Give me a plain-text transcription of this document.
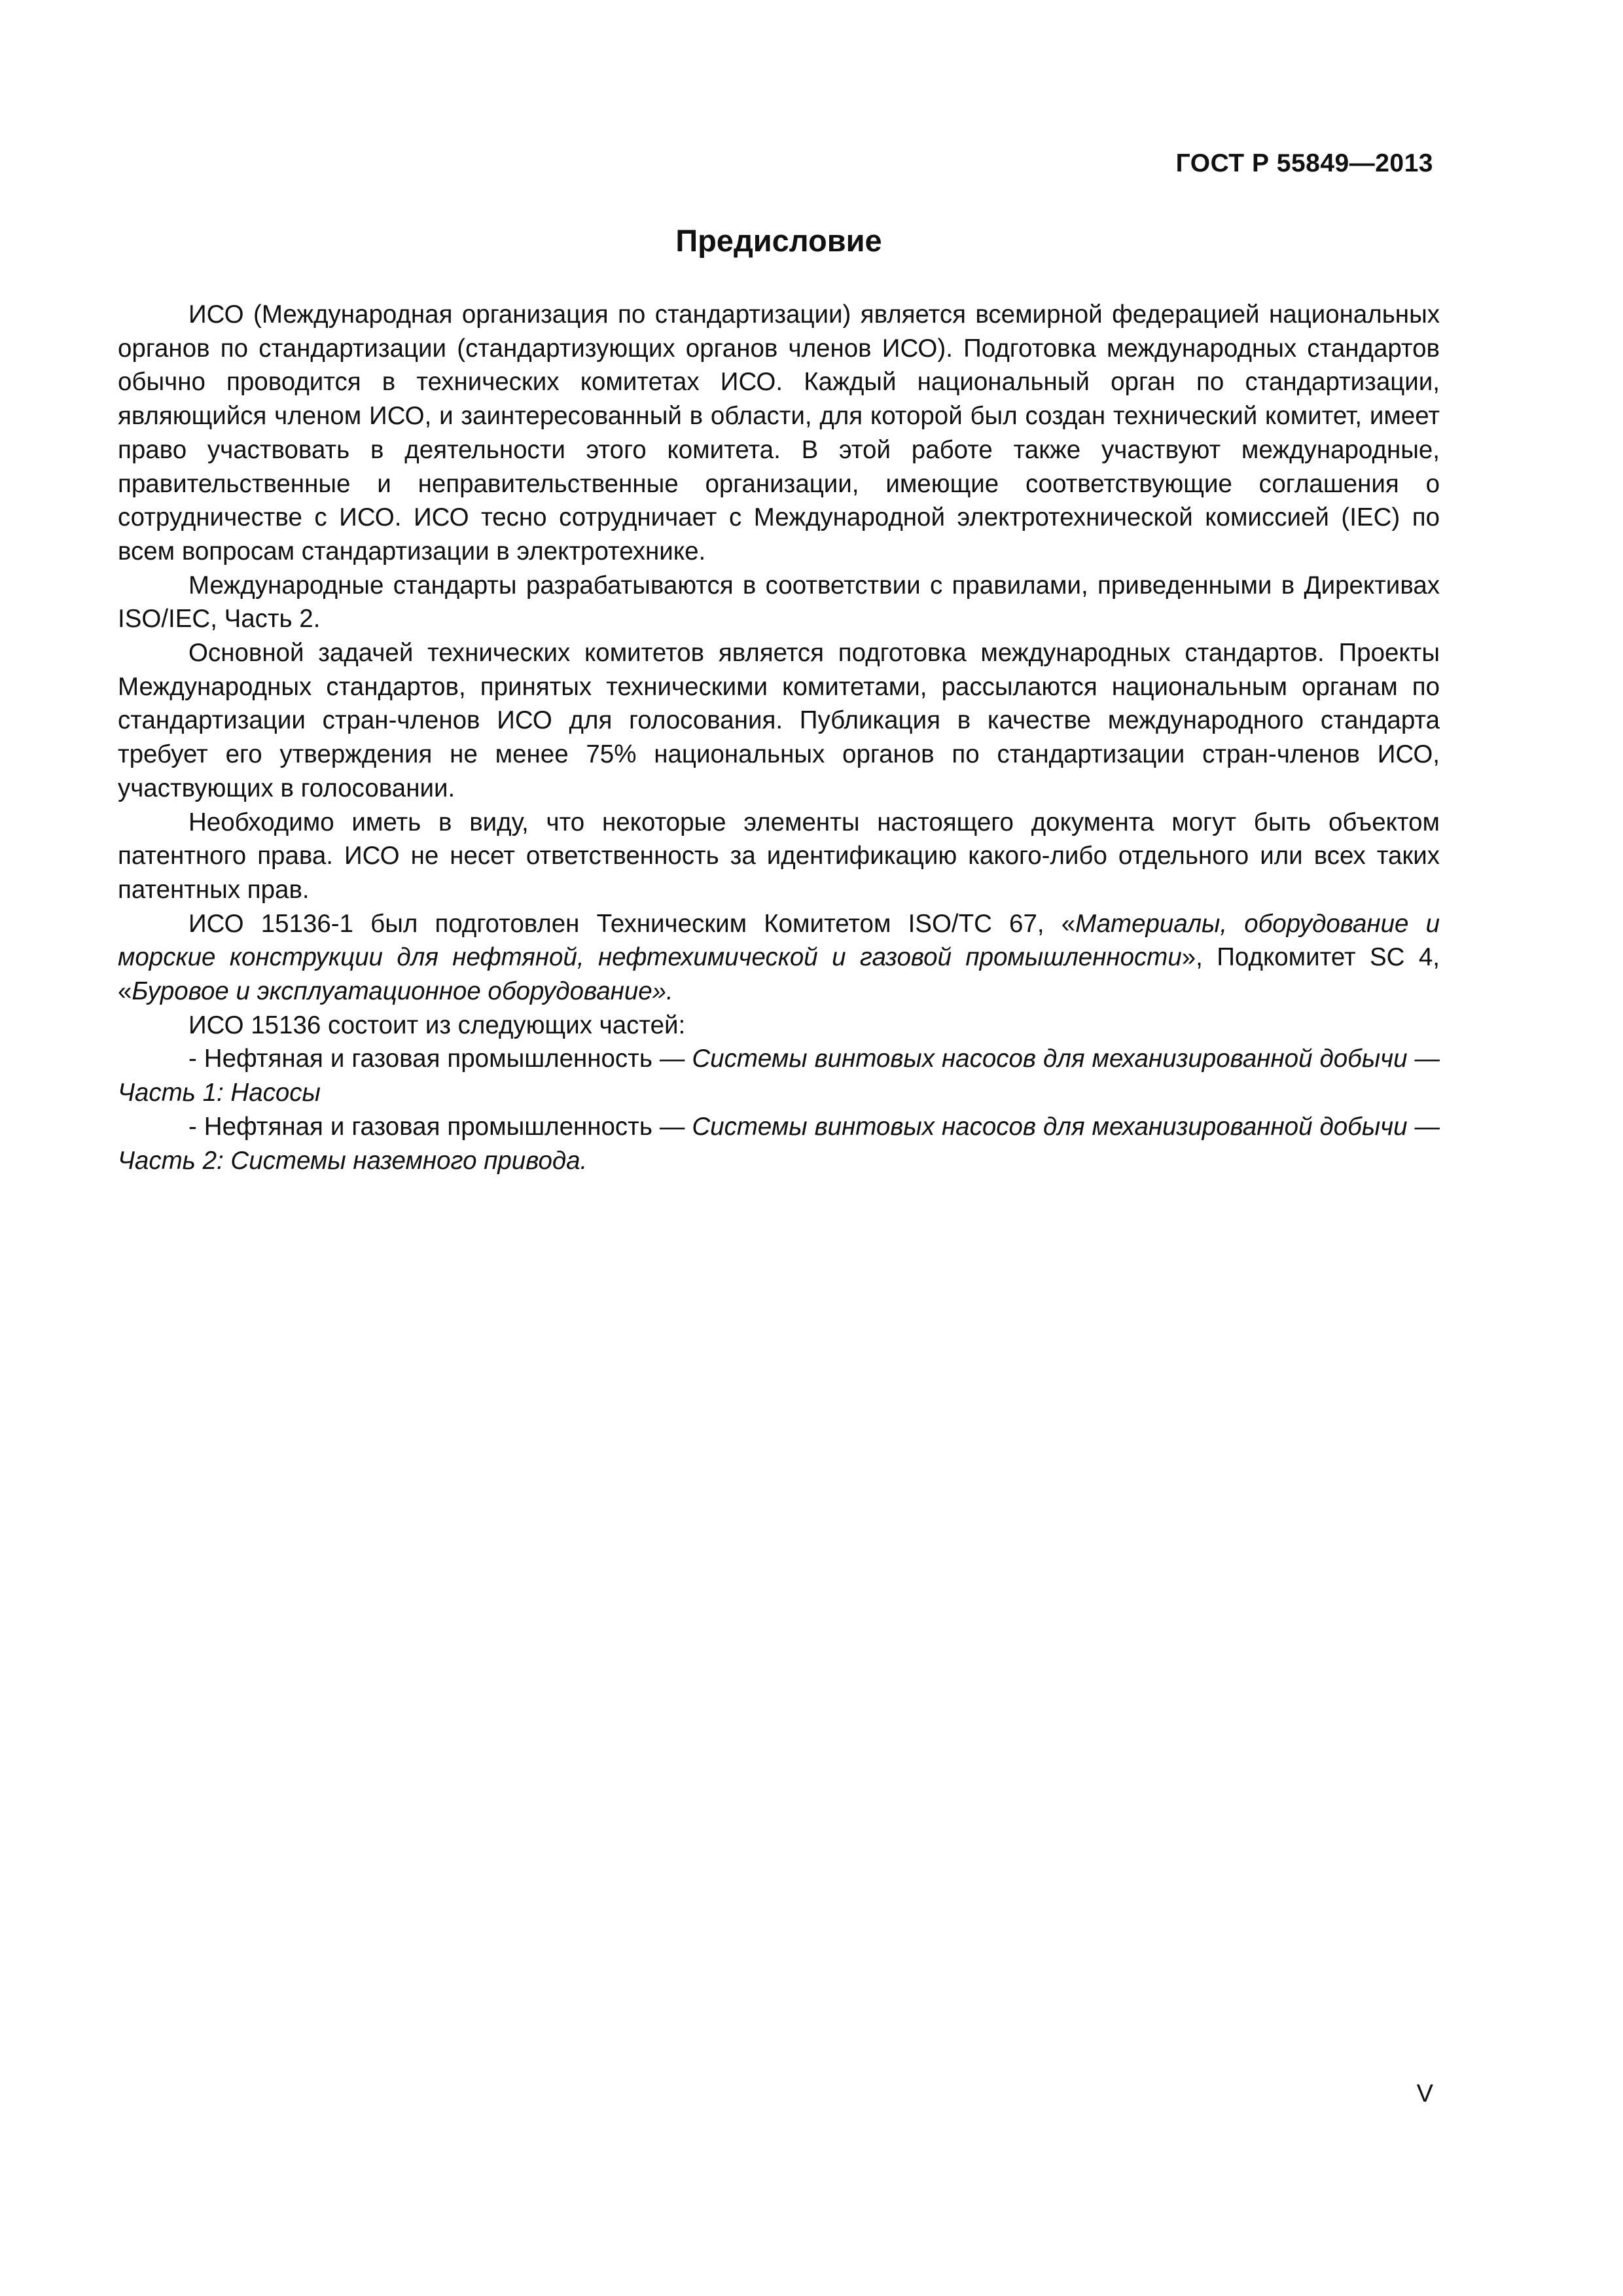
ГОСТ Р 55849—2013
Предисловие

ИСО (Международная организация по стандартизации) является всемирной федерацией национальных органов по стандартизации (стандартизующих органов членов ИСО). Подготовка международных стандартов обычно проводится в технических комитетах ИСО. Каждый национальный орган по стандартизации, являющийся членом ИСО, и заинтересованный в области, для которой был создан технический комитет, имеет право участвовать в деятельности этого комитета. В этой работе также участвуют международные, правительственные и неправительственные организации, имеющие соответствующие соглашения о сотрудничестве с ИСО. ИСО тесно сотрудничает с Международной электротехнической комиссией (IEC) по всем вопросам стандартизации в электротехнике.

Международные стандарты разрабатываются в соответствии с правилами, приведенными в Директивах ISO/IEC, Часть 2.

Основной задачей технических комитетов является подготовка международных стандартов. Проекты Международных стандартов, принятых техническими комитетами, рассылаются национальным органам по стандартизации стран-членов ИСО для голосования. Публикация в качестве международного стандарта требует его утверждения не менее 75% национальных органов по стандартизации стран-членов ИСО, участвующих в голосовании.

Необходимо иметь в виду, что некоторые элементы настоящего документа могут быть объектом патентного права. ИСО не несет ответственность за идентификацию какого-либо отдельного или всех таких патентных прав.

ИСО 15136-1 был подготовлен Техническим Комитетом ISO/TC 67, «Материалы, оборудование и морские конструкции для нефтяной, нефтехимической и газовой промышленности», Подкомитет SC 4, «Буровое и эксплуатационное оборудование».

ИСО 15136 состоит из следующих частей:

- Нефтяная и газовая промышленность — Системы винтовых насосов для механизированной добычи — Часть 1: Насосы

- Нефтяная и газовая промышленность — Системы винтовых насосов для механизированной добычи — Часть 2: Системы наземного привода.

V
